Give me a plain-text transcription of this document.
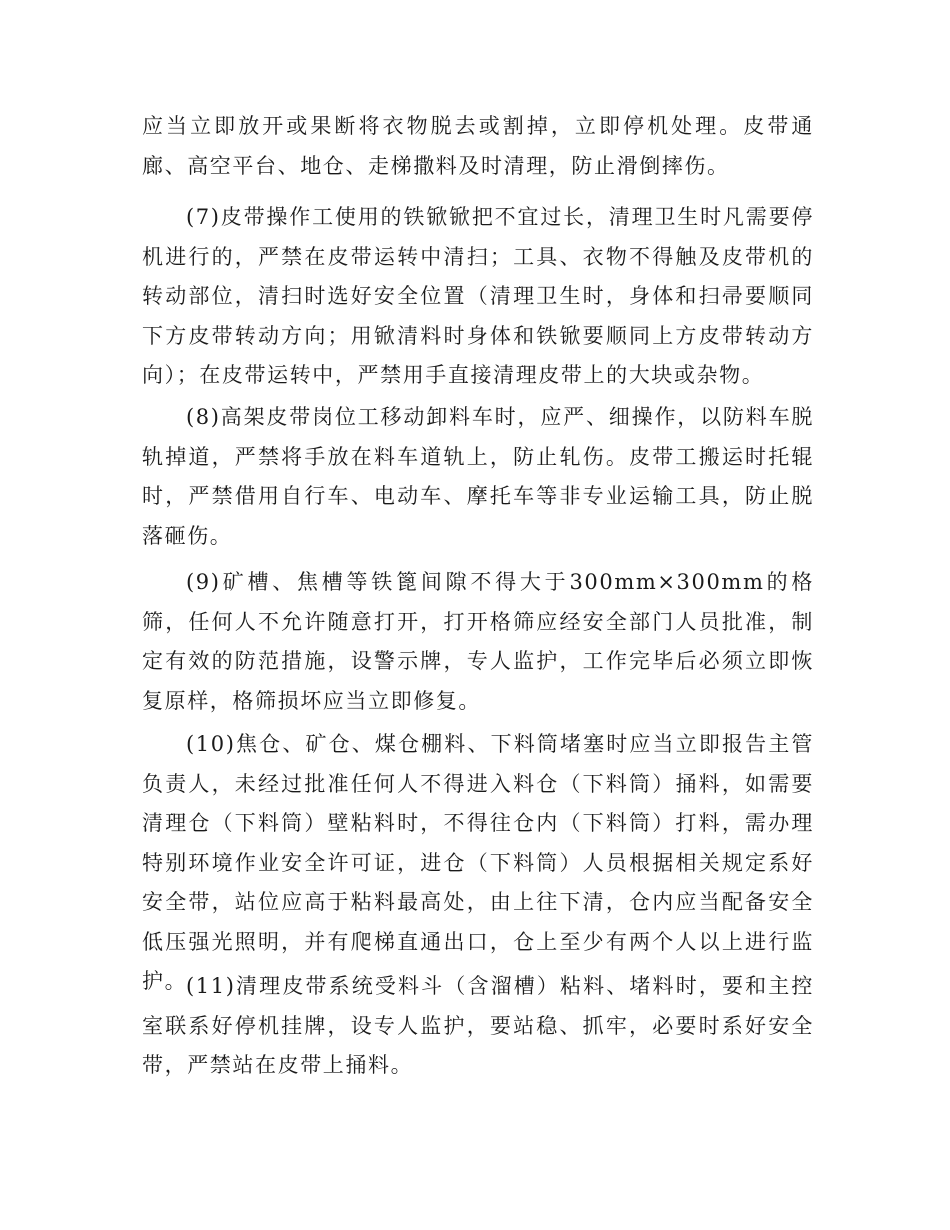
应当立即放开或果断将衣物脱去或割掉，立即停机处理。皮带通廊、高空平台、地仓、走梯撒料及时清理，防止滑倒摔伤。

(7)皮带操作工使用的铁锨锨把不宜过长，清理卫生时凡需要停机进行的，严禁在皮带运转中清扫；工具、衣物不得触及皮带机的转动部位，清扫时选好安全位置（清理卫生时，身体和扫帚要顺同下方皮带转动方向；用锨清料时身体和铁锨要顺同上方皮带转动方向）；在皮带运转中，严禁用手直接清理皮带上的大块或杂物。

(8)高架皮带岗位工移动卸料车时，应严、细操作，以防料车脱轨掉道，严禁将手放在料车道轨上，防止轧伤。皮带工搬运时托辊时，严禁借用自行车、电动车、摩托车等非专业运输工具，防止脱落砸伤。

(9)矿槽、焦槽等铁篦间隙不得大于300mm×300mm的格筛，任何人不允许随意打开，打开格筛应经安全部门人员批准，制定有效的防范措施，设警示牌，专人监护，工作完毕后必须立即恢复原样，格筛损坏应当立即修复。

(10)焦仓、矿仓、煤仓棚料、下料筒堵塞时应当立即报告主管负责人，未经过批准任何人不得进入料仓（下料筒）捅料，如需要清理仓（下料筒）壁粘料时，不得往仓内（下料筒）打料，需办理特别环境作业安全许可证，进仓（下料筒）人员根据相关规定系好安全带，站位应高于粘料最高处，由上往下清，仓内应当配备安全低压强光照明，并有爬梯直通出口，仓上至少有两个人以上进行监护。

(11)清理皮带系统受料斗（含溜槽）粘料、堵料时，要和主控室联系好停机挂牌，设专人监护，要站稳、抓牢，必要时系好安全带，严禁站在皮带上捅料。
